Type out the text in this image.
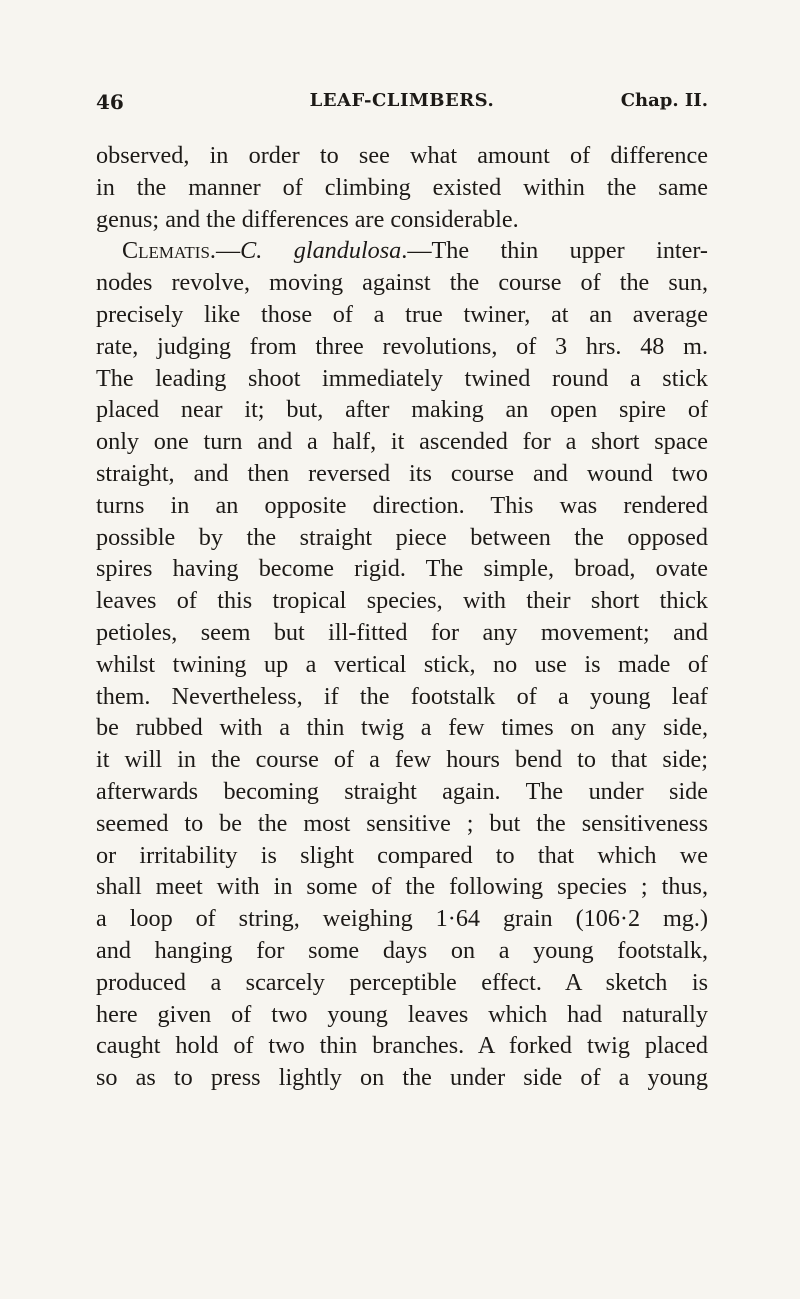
46	LEAF-CLIMBERS.	Chap. II.
observed, in order to see what amount of difference
in the manner of climbing existed within the same
genus; and the differences are considerable.
Clematis.—C. glandulosa.—The thin upper inter-
nodes revolve, moving against the course of the sun,
precisely like those of a true twiner, at an average
rate, judging from three revolutions, of 3 hrs. 48 m.
The leading shoot immediately twined round a stick
placed near it; but, after making an open spire of
only one turn and a half, it ascended for a short space
straight, and then reversed its course and wound two
turns in an opposite direction. This was rendered
possible by the straight piece between the opposed
spires having become rigid. The simple, broad, ovate
leaves of this tropical species, with their short thick
petioles, seem but ill-fitted for any movement; and
whilst twining up a vertical stick, no use is made of
them. Nevertheless, if the footstalk of a young leaf
be rubbed with a thin twig a few times on any side,
it will in the course of a few hours bend to that side;
afterwards becoming straight again. The under side
seemed to be the most sensitive ; but the sensitiveness
or irritability is slight compared to that which we
shall meet with in some of the following species ; thus,
a loop of string, weighing 1·64 grain (106·2 mg.)
and hanging for some days on a young footstalk,
produced a scarcely perceptible effect. A sketch is
here given of two young leaves which had naturally
caught hold of two thin branches. A forked twig placed
so as to press lightly on the under side of a young
